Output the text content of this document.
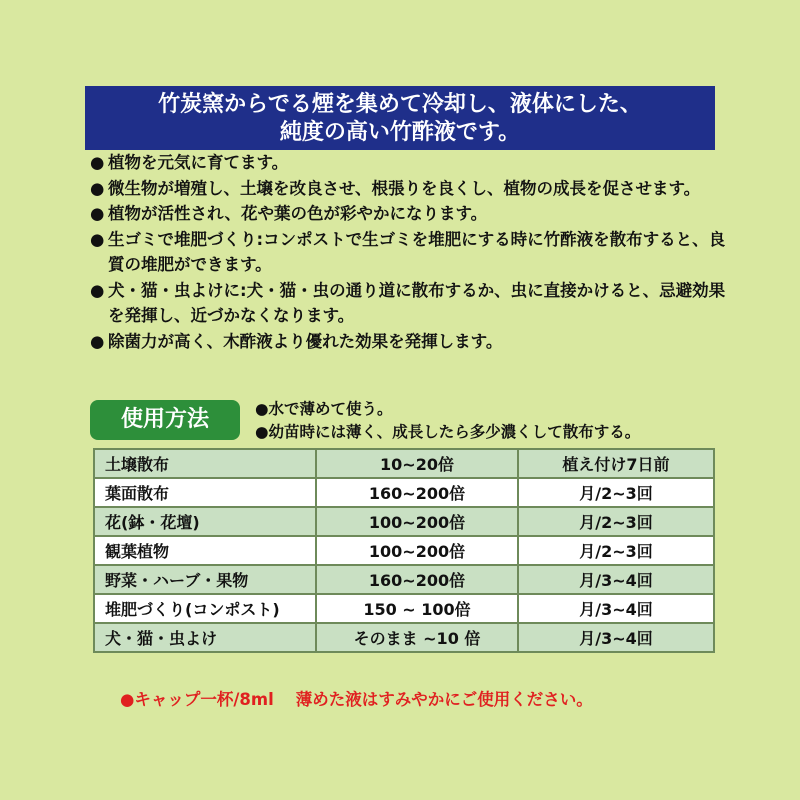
竹炭窯からでる煙を集めて冷却し、液体にした、
純度の高い竹酢液です。
● 植物を元気に育てます。
● 微生物が増殖し、土壌を改良させ、根張りを良くし、植物の成長を促させます。
● 植物が活性され、花や葉の色が彩やかになります。
● 生ゴミで堆肥づくり:コンポストで生ゴミを堆肥にする時に竹酢液を散布すると、良質の堆肥ができます。
● 犬・猫・虫よけに:犬・猫・虫の通り道に散布するか、虫に直接かけると、忌避効果を発揮し、近づかなくなります。
● 除菌力が高く、木酢液より優れた効果を発揮します。
使用方法	●水で薄めて使う。
●幼苗時には薄く、成長したら多少濃くして散布する。
土壌散布	10~20倍	植え付け7日前
葉面散布	160~200倍	月/2~3回
花(鉢・花壇)	100~200倍	月/2~3回
観葉植物	100~200倍	月/2~3回
野菜・ハーブ・果物	160~200倍	月/3~4回
堆肥づくり(コンポスト)	150 ~ 100倍	月/3~4回
犬・猫・虫よけ	そのまま ~10 倍	月/3~4回
●キャップ一杯/8ml 薄めた液はすみやかにご使用ください。
